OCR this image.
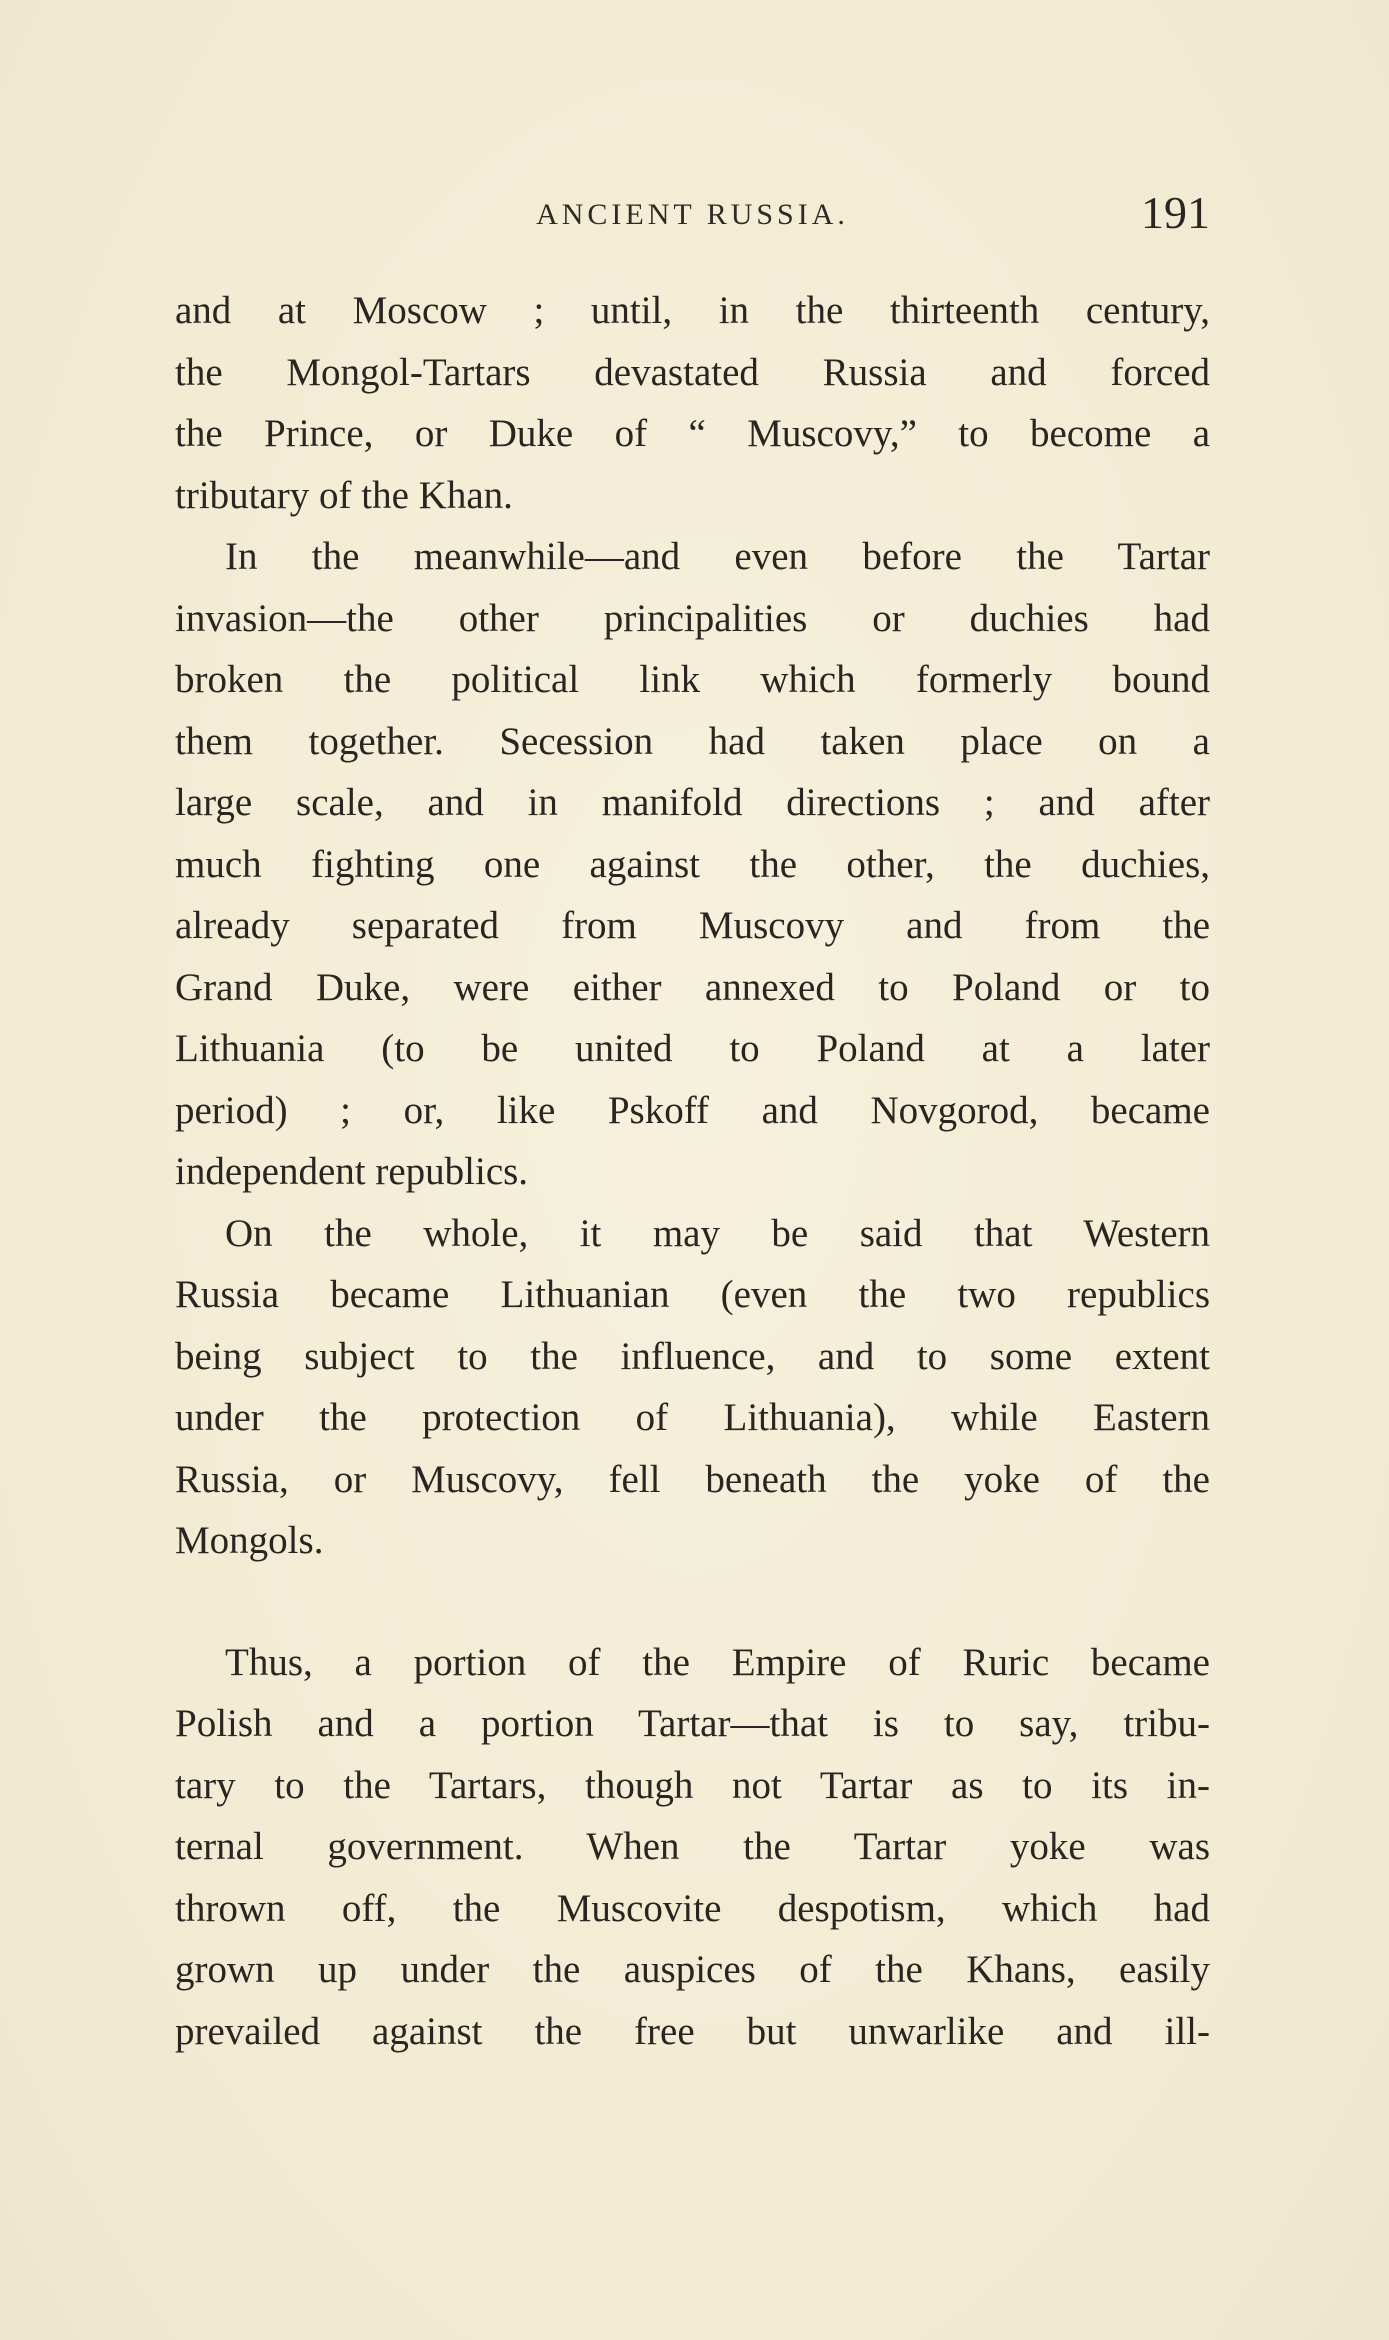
ANCIENT RUSSIA.	191

and at Moscow ; until, in the thirteenth century,
the Mongol-Tartars devastated Russia and forced
the Prince, or Duke of “ Muscovy,” to become a
tributary of the Khan.

In the meanwhile—and even before the Tartar
invasion—the other principalities or duchies had
broken the political link which formerly bound
them together. Secession had taken place on a
large scale, and in manifold directions ; and after
much fighting one against the other, the duchies,
already separated from Muscovy and from the
Grand Duke, were either annexed to Poland or to
Lithuania (to be united to Poland at a later
period) ; or, like Pskoff and Novgorod, became
independent republics.

On the whole, it may be said that Western
Russia became Lithuanian (even the two republics
being subject to the influence, and to some extent
under the protection of Lithuania), while Eastern
Russia, or Muscovy, fell beneath the yoke of the
Mongols.

Thus, a portion of the Empire of Ruric became
Polish and a portion Tartar—that is to say, tribu-
tary to the Tartars, though not Tartar as to its in-
ternal government. When the Tartar yoke was
thrown off, the Muscovite despotism, which had
grown up under the auspices of the Khans, easily
prevailed against the free but unwarlike and ill-
